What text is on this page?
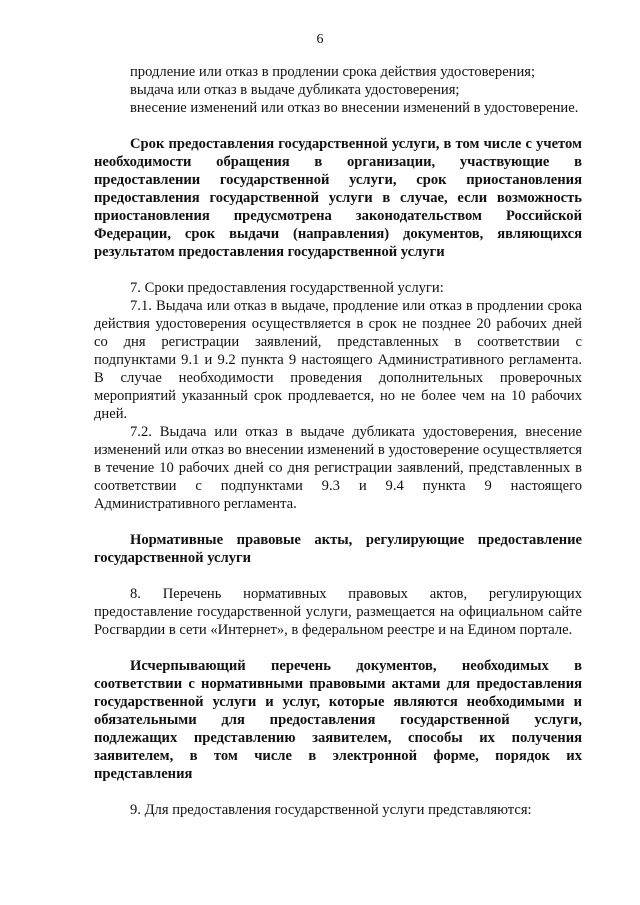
6

продление или отказ в продлении срока действия удостоверения;

выдача или отказ в выдаче дубликата удостоверения;

внесение изменений или отказ во внесении изменений в удостоверение.

Срок предоставления государственной услуги, в том числе с учетом необходимости обращения в организации, участвующие в предоставлении государственной услуги, срок приостановления предоставления государственной услуги в случае, если возможность приостановления предусмотрена законодательством Российской Федерации, срок выдачи (направления) документов, являющихся результатом предоставления государственной услуги

7. Сроки предоставления государственной услуги:

7.1. Выдача или отказ в выдаче, продление или отказ в продлении срока действия удостоверения осуществляется в срок не позднее 20 рабочих дней со дня регистрации заявлений, представленных в соответствии с подпунктами 9.1 и 9.2 пункта 9 настоящего Административного регламента. В случае необходимости проведения дополнительных проверочных мероприятий указанный срок продлевается, но не более чем на 10 рабочих дней.

7.2. Выдача или отказ в выдаче дубликата удостоверения, внесение изменений или отказ во внесении изменений в удостоверение осуществляется в течение 10 рабочих дней со дня регистрации заявлений, представленных в соответствии с подпунктами 9.3 и 9.4 пункта 9 настоящего Административного регламента.

Нормативные правовые акты, регулирующие предоставление государственной услуги

8. Перечень нормативных правовых актов, регулирующих предоставление государственной услуги, размещается на официальном сайте Росгвардии в сети «Интернет», в федеральном реестре и на Едином портале.

Исчерпывающий перечень документов, необходимых в соответствии с нормативными правовыми актами для предоставления государственной услуги и услуг, которые являются необходимыми и обязательными для предоставления государственной услуги, подлежащих представлению заявителем, способы их получения заявителем, в том числе в электронной форме, порядок их представления

9. Для предоставления государственной услуги представляются:
